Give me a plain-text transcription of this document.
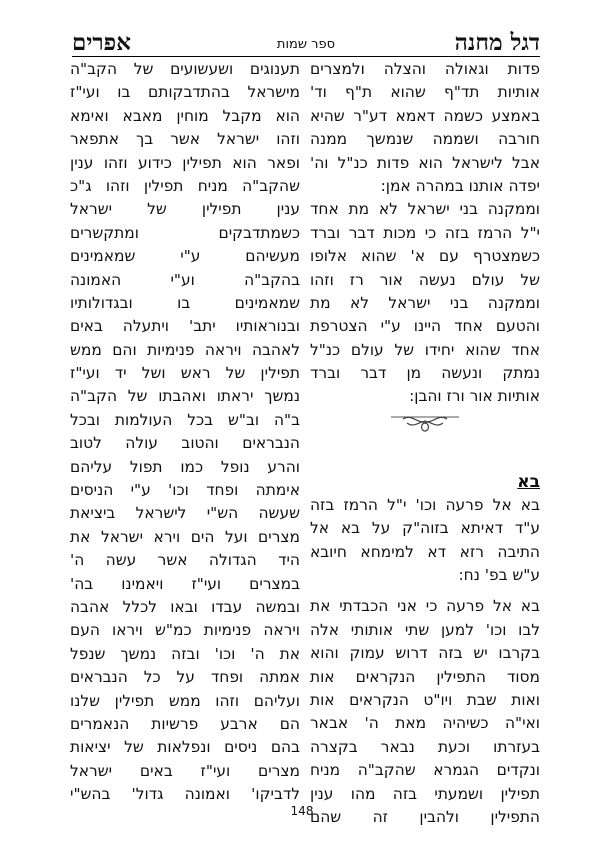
דגל מחנה
ספר שמות
אפרים
פדות וגאולה והצלה ולמצרים
אותיות תד"ף שהוא ת"ף וד'
באמצע כשמה דאמא דע"ר שהיא
חורבה ושממה שנמשך ממנה
אבל לישראל הוא פדות כנ"ל וה'
יפדה אותנו במהרה אמן:
וממקנה בני ישראל לא מת אחד
י"ל הרמז בזה כי מכות דבר וברד
כשמצטרף עם א' שהוא אלופו
של עולם נעשה אור רז וזהו
וממקנה בני ישראל לא מת
והטעם אחד היינו ע"י הצטרפת
אחד שהוא יחידו של עולם כנ"ל
נמתק ונעשה מן דבר וברד
אותיות אור ורז והבן:
בא
בא אל פרעה וכו' י"ל הרמז בזה
ע"ד דאיתא בזוה"ק על בא אל
התיבה רזא דא למימחא חיובא
ע"ש בפ' נח:
בא אל פרעה כי אני הכבדתי את
לבו וכו' למען שתי אותותי אלה
בקרבו יש בזה דרוש עמוק והוא
מסוד התפילין הנקראים אות
ואות שבת ויו"ט הנקראים אות
ואי"ה כשיהיה מאת ה' אבאר
בעזרתו וכעת נבאר בקצרה
ונקדים הגמרא שהקב"ה מניח
תפילין ושמעתי בזה מהו ענין
התפילין ולהבין זה שהם
תענוגים ושעשועים של הקב"ה
מישראל בהתדבקותם בו ועי"ז
הוא מקבל מוחין מאבא ואימא
וזהו ישראל אשר בך אתפאר
ופאר הוא תפילין כידוע וזהו ענין
שהקב"ה מניח תפילין וזהו ג"כ
ענין תפילין של ישראל
כשמתדבקים ומתקשרים
מעשיהם ע"י שמאמינים
בהקב"ה וע"י האמונה
שמאמינים בו ובגדולותיו
ובנוראותיו יתב' ויתעלה באים
לאהבה ויראה פנימיות והם ממש
תפילין של ראש ושל יד ועי"ז
נמשך יראתו ואהבתו של הקב"ה
ב"ה וב"ש בכל העולמות ובכל
הנבראים והטוב עולה לטוב
והרע נופל כמו תפול עליהם
אימתה ופחד וכו' ע"י הניסים
שעשה הש"י לישראל ביציאת
מצרים ועל הים וירא ישראל את
היד הגדולה אשר עשה ה'
במצרים ועי"ז ויאמינו בה'
ובמשה עבדו ובאו לכלל אהבה
ויראה פנימיות כמ"ש ויראו העם
את ה' וכו' ובזה נמשך שנפל
אמתה ופחד על כל הנבראים
ועליהם וזהו ממש תפילין שלנו
הם ארבע פרשיות הנאמרים
בהם ניסים ונפלאות של יציאות
מצרים ועי"ז באים ישראל
לדביקו' ואמונה גדול' בהש"י
148
